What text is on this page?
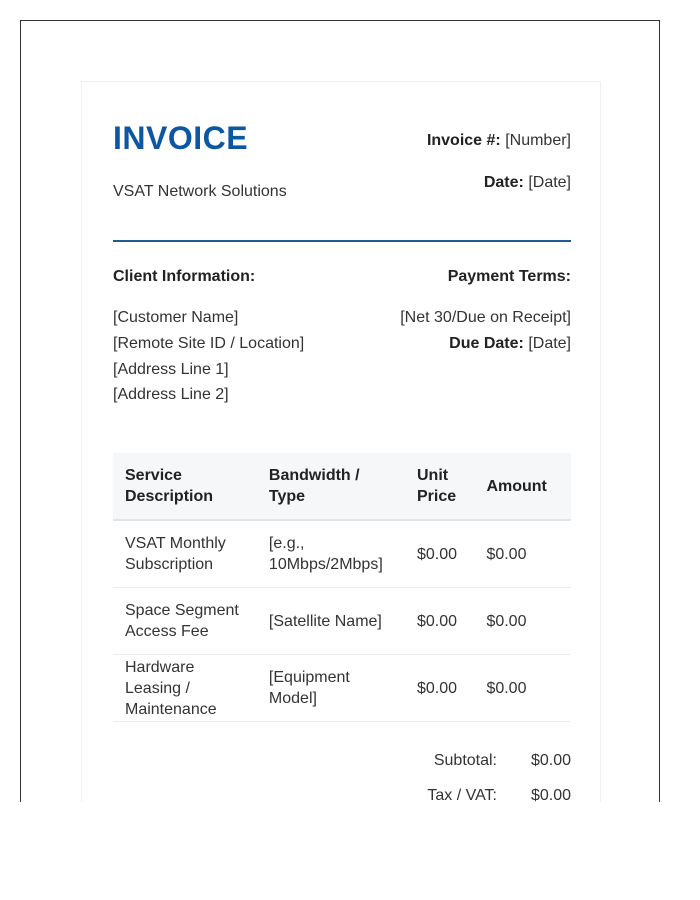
INVOICE
VSAT Network Solutions
Invoice #: [Number]
Date: [Date]
Client Information:	Payment Terms:
[Customer Name]
[Remote Site ID / Location]
[Address Line 1]
[Address Line 2]
[Net 30/Due on Receipt]
Due Date: [Date]
Service Description	Bandwidth / Type	Unit Price	Amount
VSAT Monthly Subscription	[e.g., 10Mbps/2Mbps]	$0.00	$0.00
Space Segment Access Fee	[Satellite Name]	$0.00	$0.00
Hardware Leasing / Maintenance	[Equipment Model]	$0.00	$0.00
Subtotal: $0.00
Tax / VAT: $0.00
